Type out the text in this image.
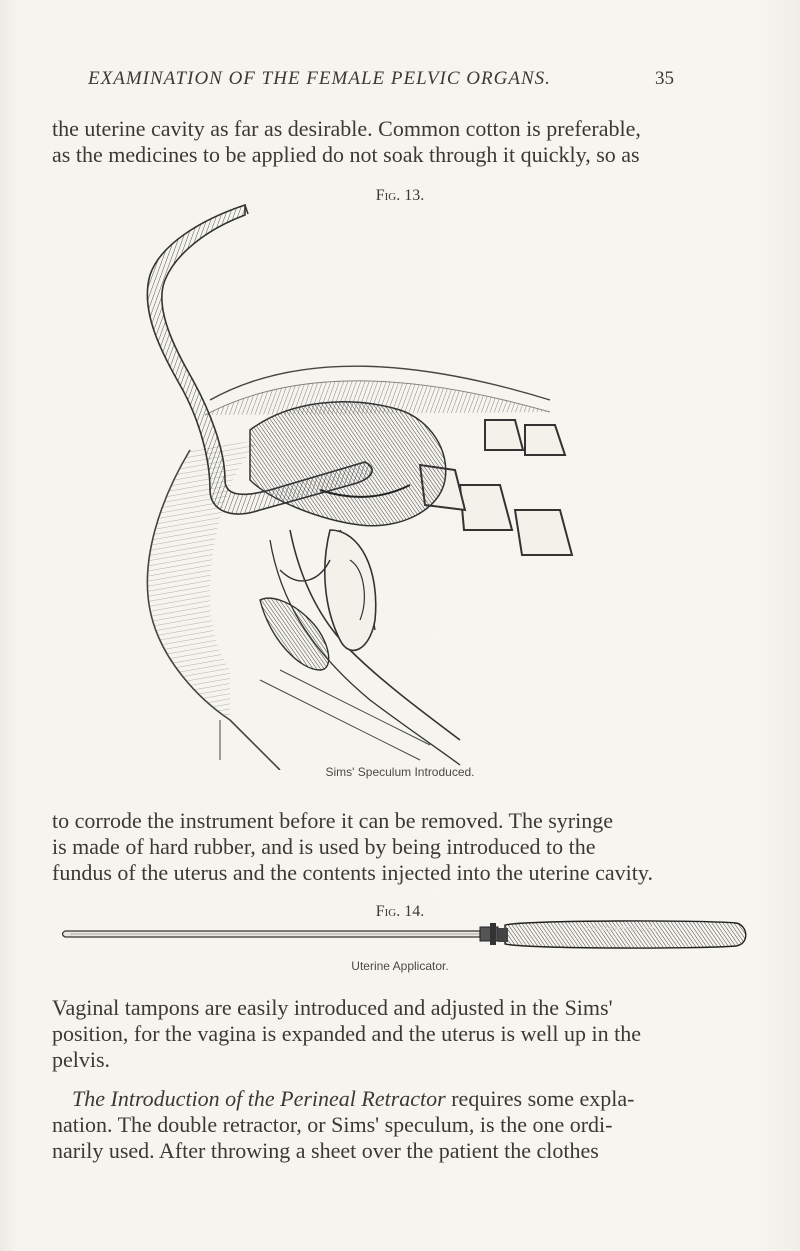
EXAMINATION OF THE FEMALE PELVIC ORGANS.	35
the uterine cavity as far as desirable. Common cotton is preferable,
as the medicines to be applied do not soak through it quickly, so as
Fig. 13.
Sims' Speculum Introduced.
to corrode the instrument before it can be removed. The syringe
is made of hard rubber, and is used by being introduced to the
fundus of the uterus and the contents injected into the uterine cavity.
Fig. 14.
TIEMANN & CO.
Uterine Applicator.
Vaginal tampons are easily introduced and adjusted in the Sims'
position, for the vagina is expanded and the uterus is well up in the
pelvis.
The Introduction of the Perineal Retractor requires some expla-
nation. The double retractor, or Sims' speculum, is the one ordi-
narily used. After throwing a sheet over the patient the clothes
